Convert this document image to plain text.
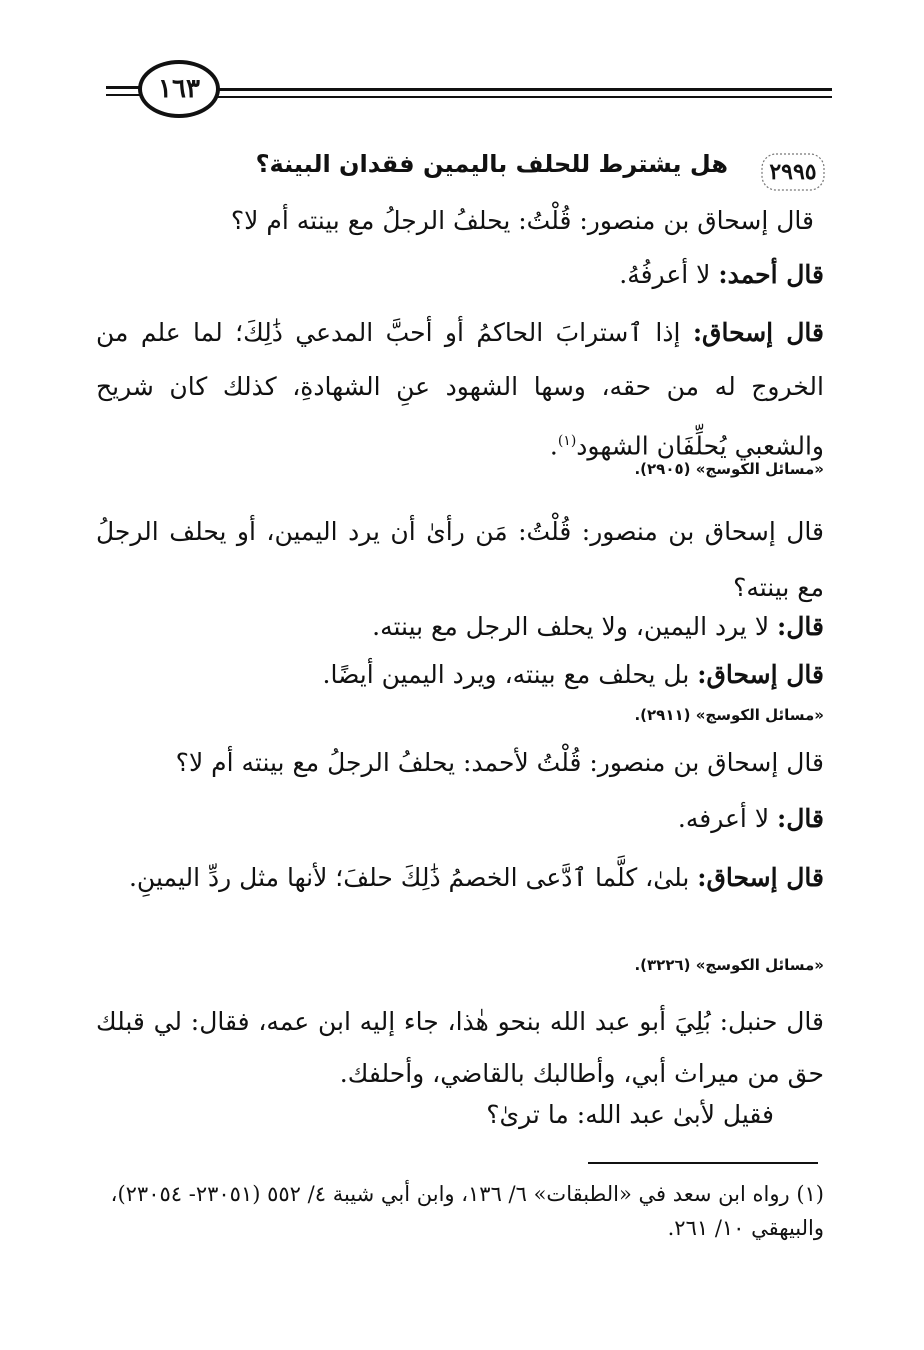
١٦٣
٢٩٩٥
هل يشترط للحلف باليمين فقدان البينة؟
قال إسحاق بن منصور: قُلْتُ: يحلفُ الرجلُ مع بينته أم لا؟
قال أحمد: لا أعرفُهُ.
قال إسحاق: إذا ٱسترابَ الحاكمُ أو أحبَّ المدعي ذَٰلِكَ؛ لما علم من الخروج له من حقه، وسها الشهود عنِ الشهادةِ، كذلك كان شريح والشعبي يُحلِّفَان الشهود$^{(١)}$.
«مسائل الكوسج» (٢٩٠٥).
قال إسحاق بن منصور: قُلْتُ: مَن رأىٰ أن يرد اليمين، أو يحلف الرجلُ مع بينته؟
قال: لا يرد اليمين، ولا يحلف الرجل مع بينته.
قال إسحاق: بل يحلف مع بينته، ويرد اليمين أيضًا.
«مسائل الكوسج» (٢٩١١).
قال إسحاق بن منصور: قُلْتُ لأحمد: يحلفُ الرجلُ مع بينته أم لا؟
قال: لا أعرفه.
قال إسحاق: بلىٰ، كلَّما ٱدَّعى الخصمُ ذَٰلِكَ حلفَ؛ لأنها مثل ردِّ اليمينِ.
«مسائل الكوسج» (٣٢٢٦).
قال حنبل: بُلِيَ أبو عبد الله بنحو هٰذا، جاء إليه ابن عمه، فقال: لي قبلك حق من ميراث أبي، وأطالبك بالقاضي، وأحلفك.
فقيل لأبىٰ عبد الله: ما ترىٰ؟
(١) رواه ابن سعد في «الطبقات» ٦/ ١٣٦، وابن أبي شيبة ٤/ ٥٥٢ (٢٣٠٥١- ٢٣٠٥٤)، والبيهقي ١٠/ ٢٦١.
